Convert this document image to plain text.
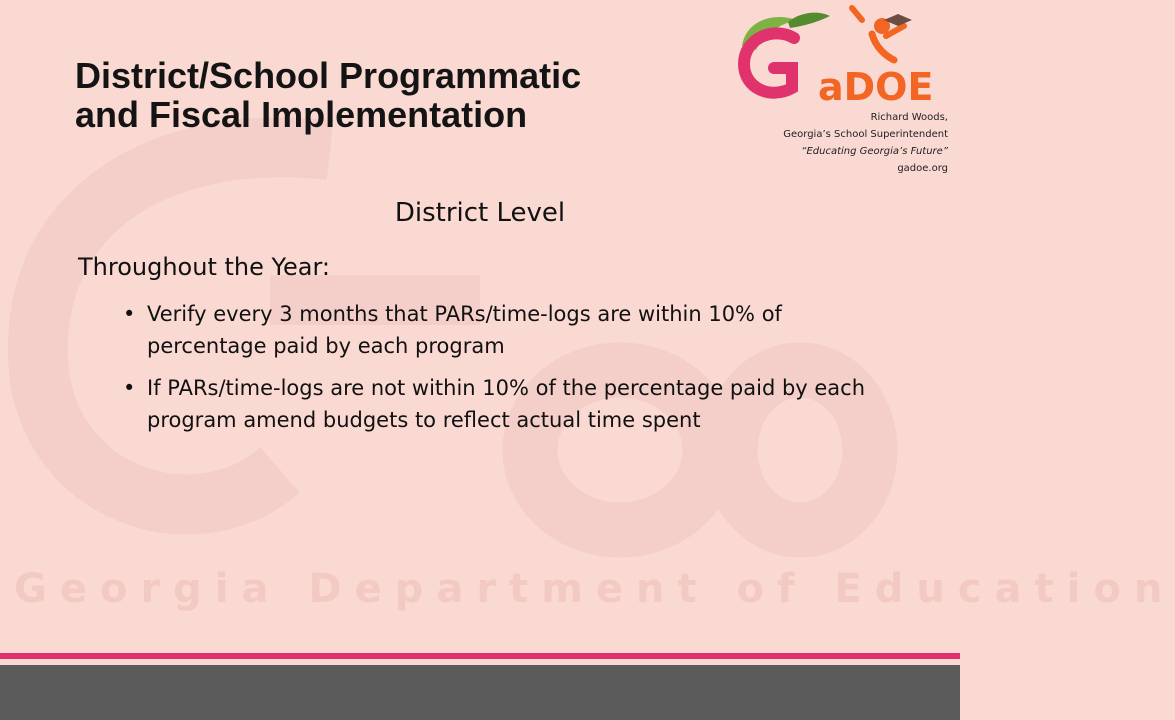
Georgia Department of Education
District/School Programmatic
and Fiscal Implementation
aDOE
Richard Woods,
Georgia’s School Superintendent
“Educating Georgia’s Future”
gadoe.org
District Level
Throughout the Year:
• Verify every 3 months that PARs/time-logs are within 10% of percentage paid by each program
• If PARs/time-logs are not within 10% of the percentage paid by each program amend budgets to reflect actual time spent
